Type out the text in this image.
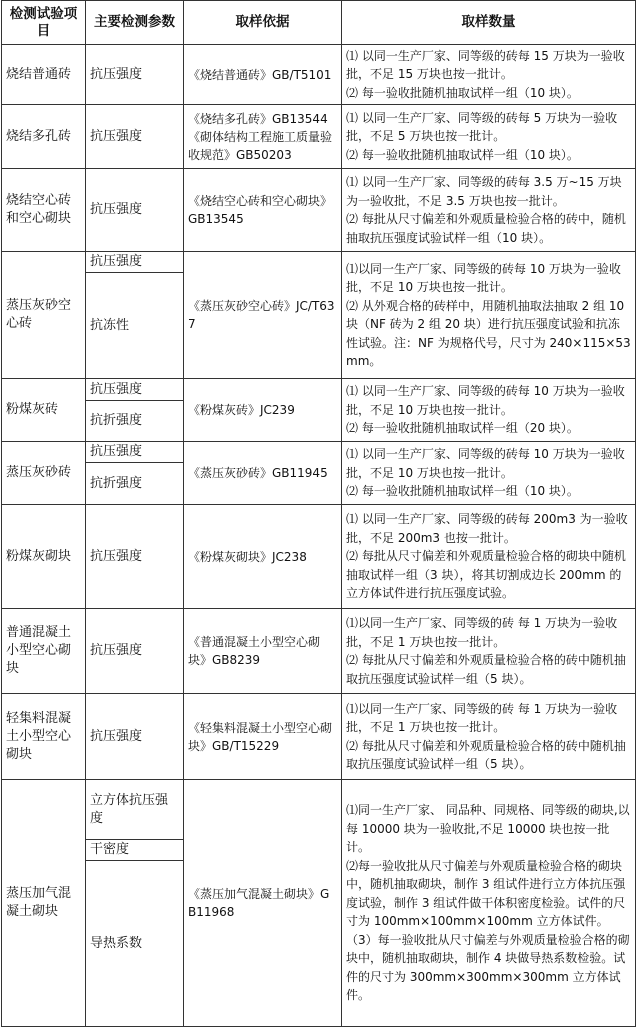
检测试验项目	主要检测参数	取样依据	取样数量
烧结普通砖	抗压强度	《烧结普通砖》GB/T5101	⑴ 以同一生产厂家、同等级的砖每 15 万块为一验收批，不足 15 万块也按一批计。

⑵ 每一验收批随机抽取试样一组（10 块）。

烧结多孔砖	抗压强度	《烧结多孔砖》GB13544《砌体结构工程施工质量验收规范》GB50203	⑴ 以同一生产厂家、同等级的砖每 5 万块为一验收批，不足 5 万块也按一批计。

⑵ 每一验收批随机抽取试样一组（10 块）。

烧结空心砖和空心砌块	抗压强度	《烧结空心砖和空心砌块》GB13545	⑴ 以同一生产厂家、同等级的砖每 3.5 万~15 万块为一验收批，不足 3.5 万块也按一批计。

⑵ 每批从尺寸偏差和外观质量检验合格的砖中，随机抽取抗压强度试验试样一组（10 块）。

蒸压灰砂空心砖	抗压强度	《蒸压灰砂空心砖》JC/T637	⑴以同一生产厂家、同等级的砖每 10 万块为一验收批，不足 10 万块也按一批计。

⑵ 从外观合格的砖样中，用随机抽取法抽取 2 组 10 块（NF 砖为 2 组 20 块）进行抗压强度试验和抗冻性试验。注：NF 为规格代号，尺寸为 240×115×53mm。

	抗冻性		
粉煤灰砖	抗压强度	《粉煤灰砖》JC239	⑴ 以同一生产厂家、同等级的砖每 10 万块为一验收批，不足 10 万块也按一批计。

⑵ 每一验收批随机抽取试样一组（20 块）。

	抗折强度		
蒸压灰砂砖	抗压强度	《蒸压灰砂砖》GB11945	⑴ 以同一生产厂家、同等级的砖每 10 万块为一验收批，不足 10 万块也按一批计。

⑵ 每一验收批随机抽取试样一组（10 块）。

	抗折强度		
粉煤灰砌块	抗压强度	《粉煤灰砌块》JC238	⑴ 以同一生产厂家、同等级的砖每 200m3 为一验收批，不足 200m3 也按一批计。

⑵ 每批从尺寸偏差和外观质量检验合格的砌块中随机抽取试样一组（3 块），将其切割成边长 200mm 的立方体试件进行抗压强度试验。

普通混凝土小型空心砌块	抗压强度	《普通混凝土小型空心砌块》GB8239	⑴以同一生产厂家、同等级的砖 每 1 万块为一验收批，不足 1 万块也按一批计。

⑵ 每批从尺寸偏差和外观质量检验合格的砖中随机抽取抗压强度试验试样一组（5 块）。

轻集料混凝土小型空心砌块	抗压强度	《轻集料混凝土小型空心砌块》GB/T15229	⑴以同一生产厂家、同等级的砖 每 1 万块为一验收批，不足 1 万块也按一批计。

⑵ 每批从尺寸偏差和外观质量检验合格的砖中随机抽取抗压强度试验试样一组（5 块）。

蒸压加气混凝土砌块	立方体抗压强度	《蒸压加气混凝土砌块》GB11968	⑴同一生产厂家、 同品种、同规格、同等级的砌块,以每 10000 块为一验收批,不足 10000 块也按一批计。

⑵每一验收批从尺寸偏差与外观质量检验合格的砌块中，随机抽取砌块，制作 3 组试件进行立方体抗压强度试验，制作 3 组试件做干体积密度检验。试件的尺寸为 100mm×100mm×100mm 立方体试件。

（3）每一验收批从尺寸偏差与外观质量检验合格的砌块中，随机抽取砌块，制作 4 块做导热系数检验。试件的尺寸为 300mm×300mm×300mm 立方体试件。

	干密度		
	导热系数		
